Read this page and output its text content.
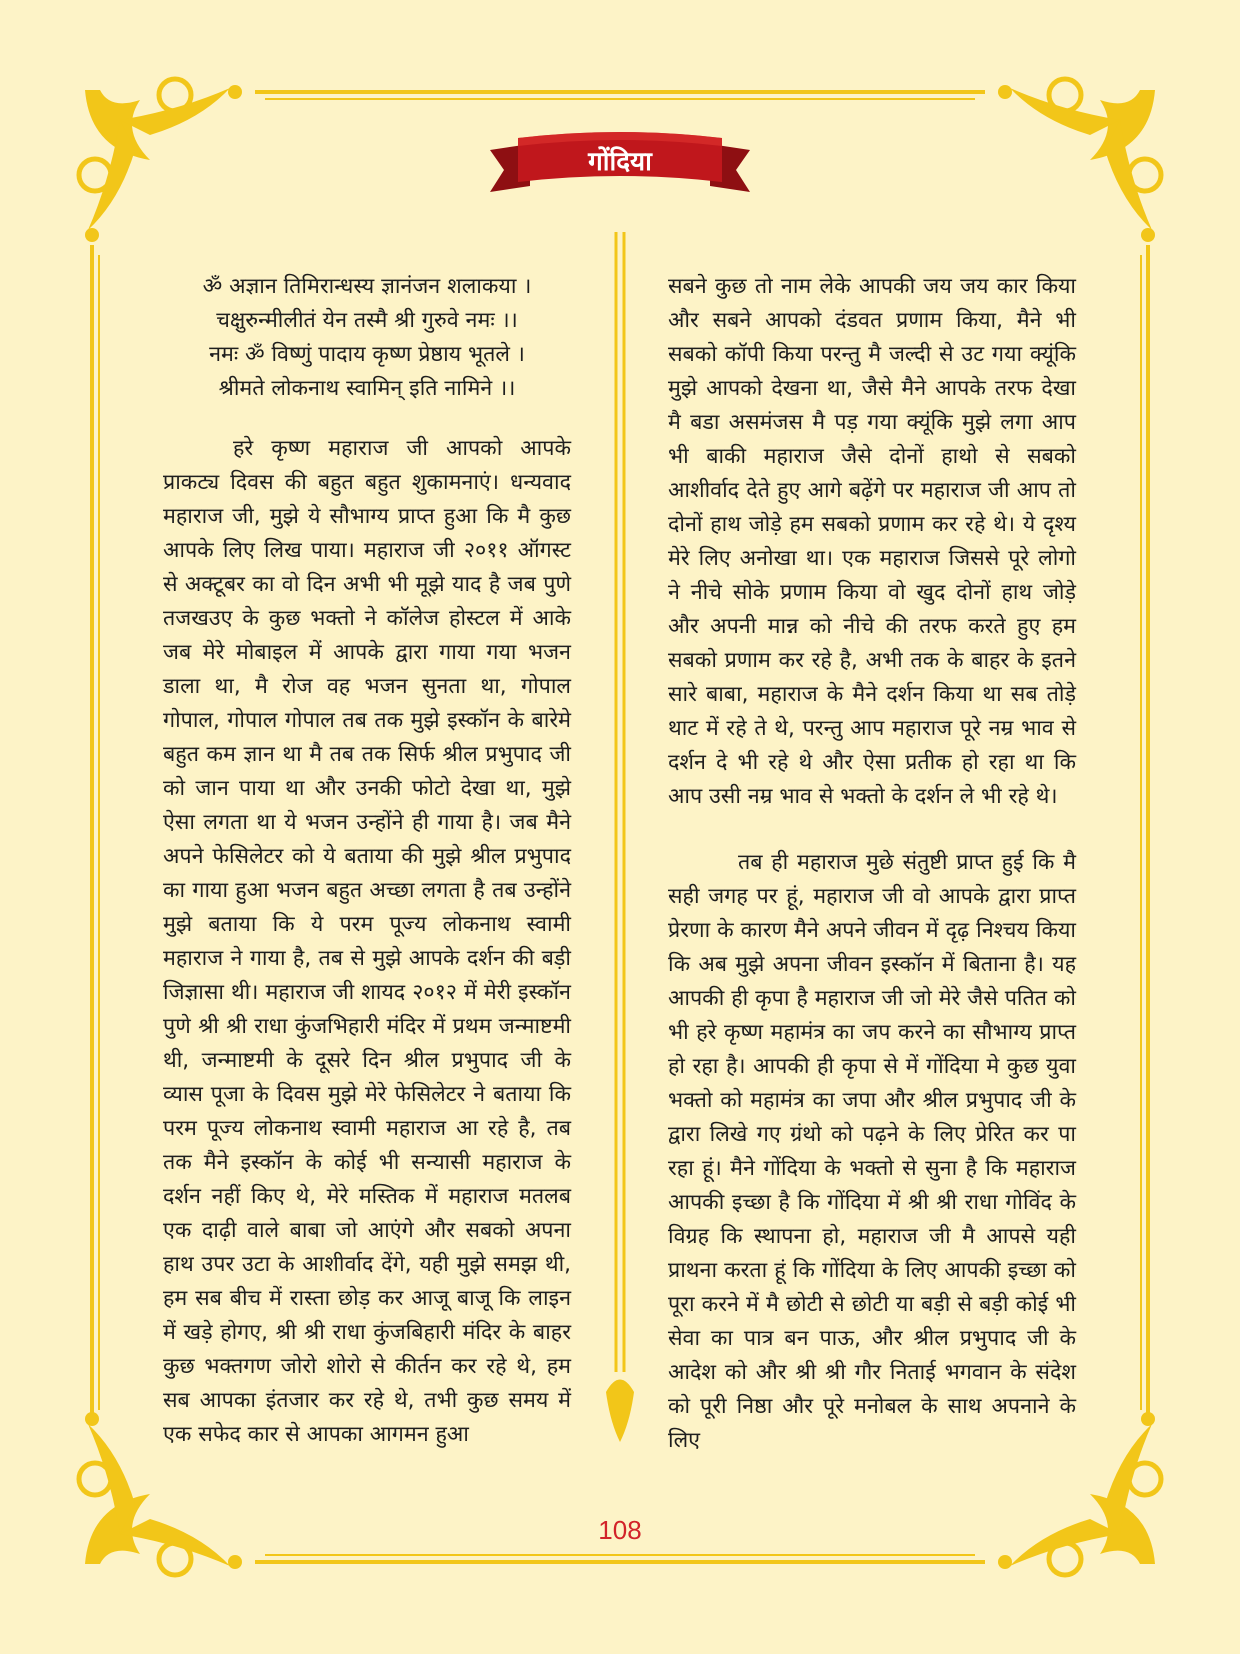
गोंदिया
ॐ अज्ञान तिमिरान्धस्य ज्ञानंजन शलाकया ।
चक्षुरुन्मीलीतं येन तस्मै श्री गुरुवे नमः ।।
नमः ॐ विष्णुं पादाय कृष्ण प्रेष्ठाय भूतले ।
श्रीमते लोकनाथ स्वामिन् इति नामिने ।।

हरे कृष्ण महाराज जी आपको आपके प्राकट्य दिवस की बहुत बहुत शुकामनाएं। धन्यवाद महाराज जी, मुझे ये सौभाग्य प्राप्त हुआ कि मै कुछ आपके लिए लिख पाया। महाराज जी २०११ ऑगस्ट से अक्टूबर का वो दिन अभी भी मूझे याद है जब पुणे तजखउए के कुछ भक्तो ने कॉलेज होस्टल में आके जब मेरे मोबाइल में आपके द्वारा गाया गया भजन डाला था, मै रोज वह भजन सुनता था, गोपाल गोपाल, गोपाल गोपाल तब तक मुझे इस्कॉन के बारेमे बहुत कम ज्ञान था मै तब तक सिर्फ श्रील प्रभुपाद जी को जान पाया था और उनकी फोटो देखा था, मुझे ऐसा लगता था ये भजन उन्होंने ही गाया है। जब मैने अपने फेसिलेटर को ये बताया की मुझे श्रील प्रभुपाद का गाया हुआ भजन बहुत अच्छा लगता है तब उन्होंने मुझे बताया कि ये परम पूज्य लोकनाथ स्वामी महाराज ने गाया है, तब से मुझे आपके दर्शन की बड़ी जिज्ञासा थी। महाराज जी शायद २०१२ में मेरी इस्कॉन पुणे श्री श्री राधा कुंजभिहारी मंदिर में प्रथम जन्माष्टमी थी, जन्माष्टमी के दूसरे दिन श्रील प्रभुपाद जी के व्यास पूजा के दिवस मुझे मेरे फेसिलेटर ने बताया कि परम पूज्य लोकनाथ स्वामी महाराज आ रहे है, तब तक मैने इस्कॉन के कोई भी सन्यासी महाराज के दर्शन नहीं किए थे, मेरे मस्तिक में महाराज मतलब एक दाढ़ी वाले बाबा जो आएंगे और सबको अपना हाथ उपर उटा के आशीर्वाद देंगे, यही मुझे समझ थी, हम सब बीच में रास्ता छोड़ कर आजू बाजू कि लाइन में खड़े होगए, श्री श्री राधा कुंजबिहारी मंदिर के बाहर कुछ भक्तगण जोरो शोरो से कीर्तन कर रहे थे, हम सब आपका इंतजार कर रहे थे, तभी कुछ समय में एक सफेद कार से आपका आगमन हुआ

सबने कुछ तो नाम लेके आपकी जय जय कार किया और सबने आपको दंडवत प्रणाम किया, मैने भी सबको कॉपी किया परन्तु मै जल्दी से उट गया क्यूंकि मुझे आपको देखना था, जैसे मैने आपके तरफ देखा मै बडा असमंजस मै पड़ गया क्यूंकि मुझे लगा आप भी बाकी महाराज जैसे दोनों हाथो से सबको आशीर्वाद देते हुए आगे बढ़ेंगे पर महाराज जी आप तो दोनों हाथ जोड़े हम सबको प्रणाम कर रहे थे। ये दृश्य मेरे लिए अनोखा था। एक महाराज जिससे पूरे लोगो ने नीचे सोके प्रणाम किया वो खुद दोनों हाथ जोड़े और अपनी मान्न को नीचे की तरफ करते हुए हम सबको प्रणाम कर रहे है, अभी तक के बाहर के इतने सारे बाबा, महाराज के मैने दर्शन किया था सब तोड़े थाट में रहे ते थे, परन्तु आप महाराज पूरे नम्र भाव से दर्शन दे भी रहे थे और ऐसा प्रतीक हो रहा था कि आप उसी नम्र भाव से भक्तो के दर्शन ले भी रहे थे।

तब ही महाराज मुछे संतुष्टी प्राप्त हुई कि मै सही जगह पर हूं, महाराज जी वो आपके द्वारा प्राप्त प्रेरणा के कारण मैने अपने जीवन में दृढ़ निश्चय किया कि अब मुझे अपना जीवन इस्कॉन में बिताना है। यह आपकी ही कृपा है महाराज जी जो मेरे जैसे पतित को भी हरे कृष्ण महामंत्र का जप करने का सौभाग्य प्राप्त हो रहा है। आपकी ही कृपा से में गोंदिया मे कुछ युवा भक्तो को महामंत्र का जपा और श्रील प्रभुपाद जी के द्वारा लिखे गए ग्रंथो को पढ़ने के लिए प्रेरित कर पा रहा हूं। मैने गोंदिया के भक्तो से सुना है कि महाराज आपकी इच्छा है कि गोंदिया में श्री श्री राधा गोविंद के विग्रह कि स्थापना हो, महाराज जी मै आपसे यही प्राथना करता हूं कि गोंदिया के लिए आपकी इच्छा को पूरा करने में मै छोटी से छोटी या बड़ी से बड़ी कोई भी सेवा का पात्र बन पाऊ, और श्रील प्रभुपाद जी के आदेश को और श्री श्री गौर निताई भगवान के संदेश को पूरी निष्ठा और पूरे मनोबल के साथ अपनाने के लिए

108
